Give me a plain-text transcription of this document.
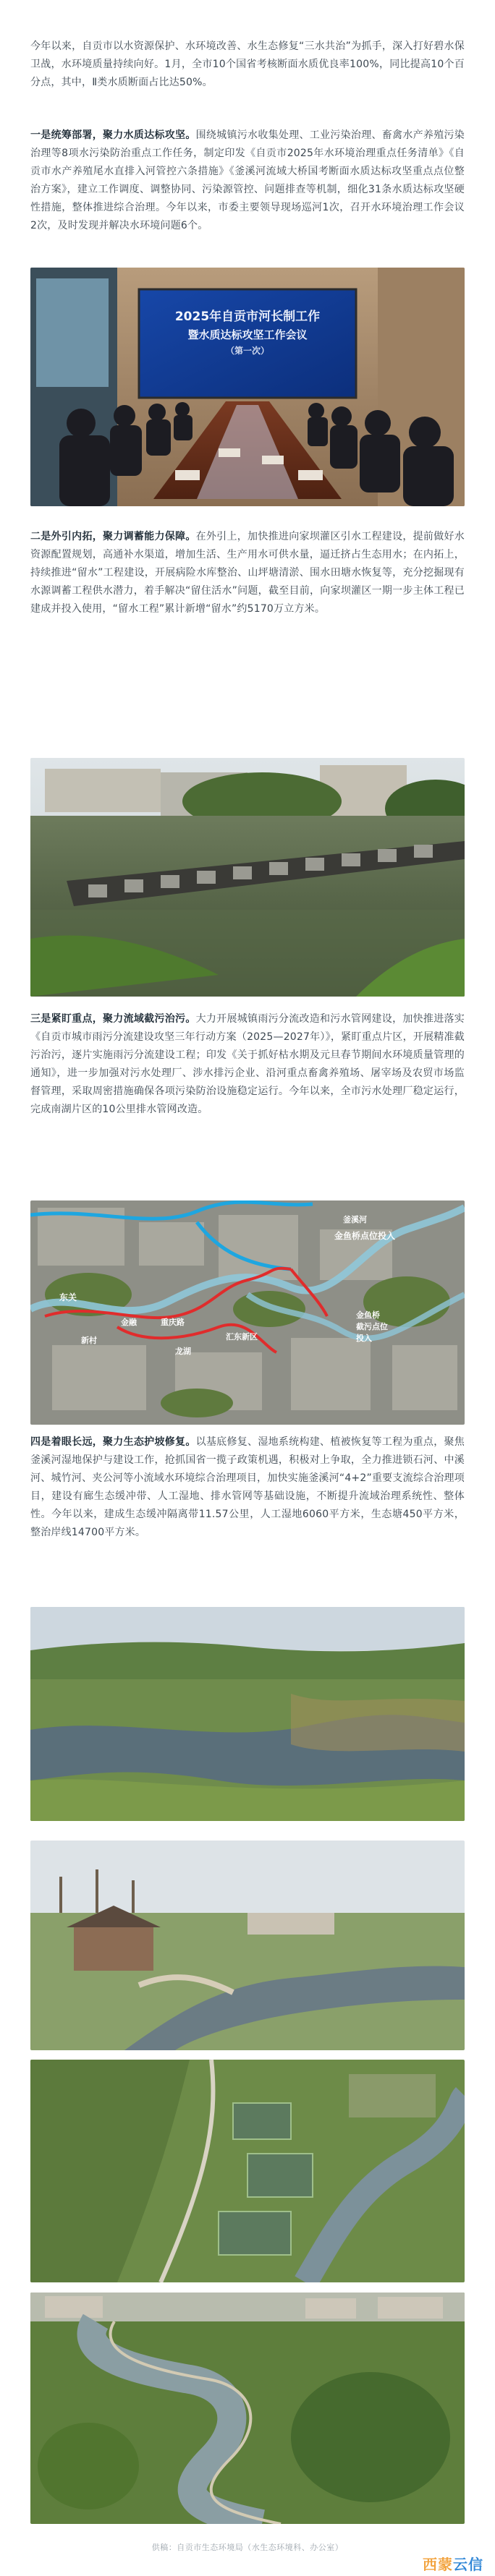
今年以来，自贡市以水资源保护、水环境改善、水生态修复“三水共治”为抓手，深入打好碧水保卫战，水环境质量持续向好。1月，全市10个国省考核断面水质优良率100%，同比提高10个百分点，其中，Ⅱ类水质断面占比达50%。

一是统筹部署，聚力水质达标攻坚。围绕城镇污水收集处理、工业污染治理、畜禽水产养殖污染治理等8项水污染防治重点工作任务，制定印发《自贡市2025年水环境治理重点任务清单》《自贡市水产养殖尾水直排入河管控六条措施》《釜溪河流域大桥国考断面水质达标攻坚重点点位整治方案》，建立工作调度、调整协同、污染源管控、问题排查等机制，细化31条水质达标攻坚硬性措施，整体推进综合治理。今年以来，市委主要领导现场巡河1次，召开水环境治理工作会议2次，及时发现并解决水环境问题6个。

2025年自贡市河长制工作
暨水质达标攻坚工作会议
（第一次）

二是外引内拓，聚力调蓄能力保障。在外引上，加快推进向家坝灌区引水工程建设，提前做好水资源配置规划，高通补水渠道，增加生活、生产用水可供水量，逼迁挤占生态用水；在内拓上，持续推进“留水”工程建设，开展病险水库整治、山坪塘清淤、围水田塘水恢复等，充分挖掘现有水源调蓄工程供水潜力，着手解决“留住活水”问题，截至目前，向家坝灌区一期一步主体工程已建成并投入使用，“留水工程”累计新增“留水”约5170万立方米。

三是紧盯重点，聚力流域截污治污。大力开展城镇雨污分流改造和污水管网建设，加快推进落实《自贡市城市雨污分流建设攻坚三年行动方案（2025—2027年）》，紧盯重点片区，开展精准截污治污，逐片实施雨污分流建设工程；印发《关于抓好枯水期及元旦春节期间水环境质量管理的通知》，进一步加强对污水处理厂、涉水排污企业、沿河重点畜禽养殖场、屠宰场及农贸市场监督管理，采取周密措施确保各项污染防治设施稳定运行。今年以来，全市污水处理厂稳定运行，完成南湖片区的10公里排水管网改造。

釜溪河
金鱼桥点位投入
东关
金融	重庆路
汇东新区
新村
龙湖
金鱼桥
截污点位
投入

四是着眼长远，聚力生态护坡修复。以基底修复、湿地系统构建、植被恢复等工程为重点，聚焦釜溪河湿地保护与建设工作，抢抓国省一揽子政策机遇，积极对上争取，全力推进锁石河、中溪河、城竹河、夹公河等小流域水环境综合治理项目，加快实施釜溪河“4+2”重要支流综合治理项目，建设有廊生态缓冲带、人工湿地、排水管网等基础设施，不断提升流域治理系统性、整体性。今年以来，建成生态缓冲隔离带11.57公里，人工湿地6060平方米，生态塘450平方米，整治岸线14700平方米。

供稿：自贡市生态环境局（水生态环境科、办公室）
西蒙云信
